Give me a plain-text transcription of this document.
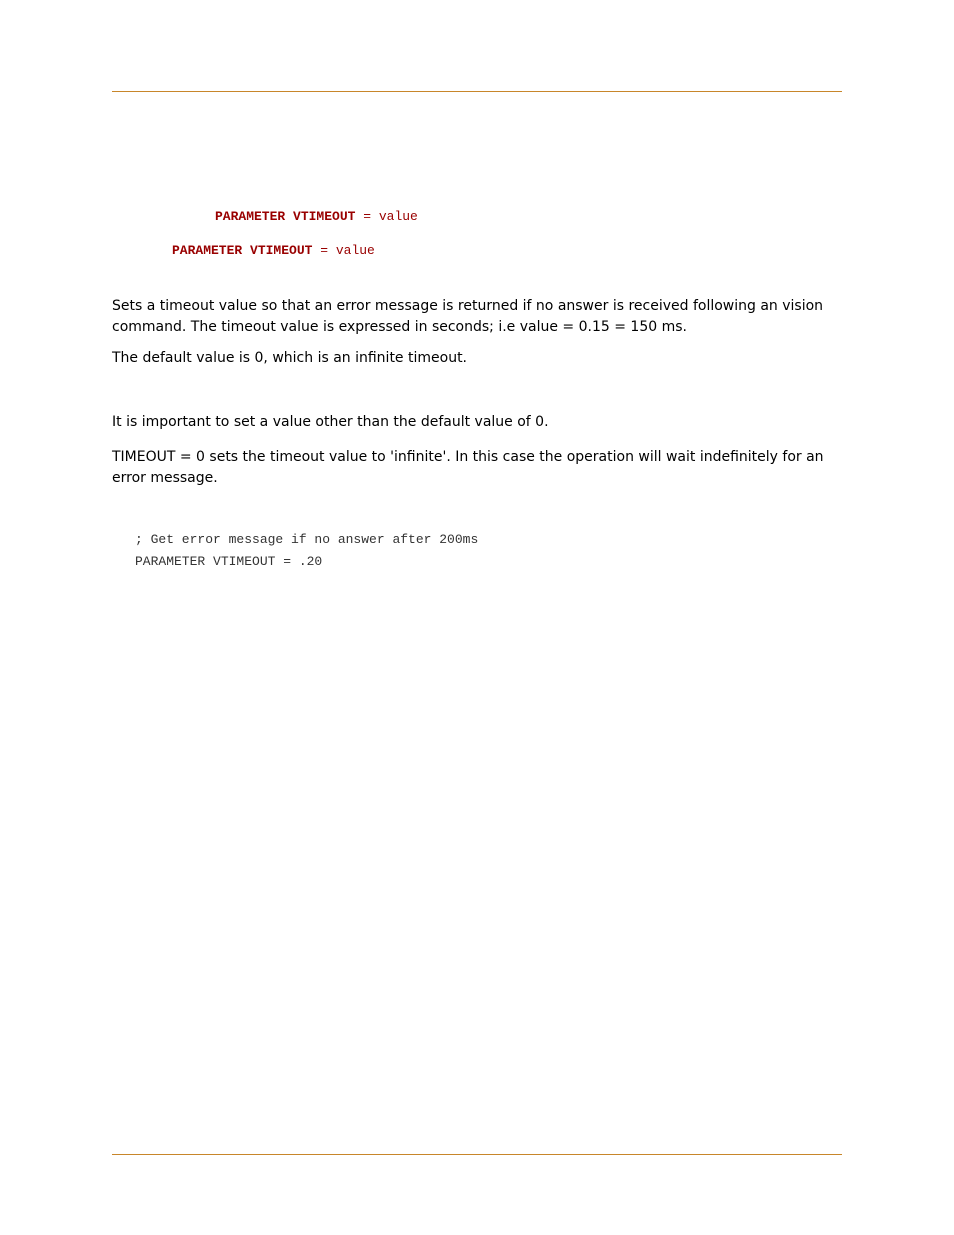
PARAMETER VTIMEOUT = value
PARAMETER VTIMEOUT = value

Sets a timeout value so that an error message is returned if no answer is received following an vision command. The timeout value is expressed in seconds; i.e value = 0.15 = 150 ms.

The default value is 0, which is an infinite timeout.

It is important to set a value other than the default value of 0.

TIMEOUT = 0 sets the timeout value to 'infinite'. In this case the operation will wait indefinitely for an error message.

; Get error message if no answer after 200ms
PARAMETER VTIMEOUT = .20
